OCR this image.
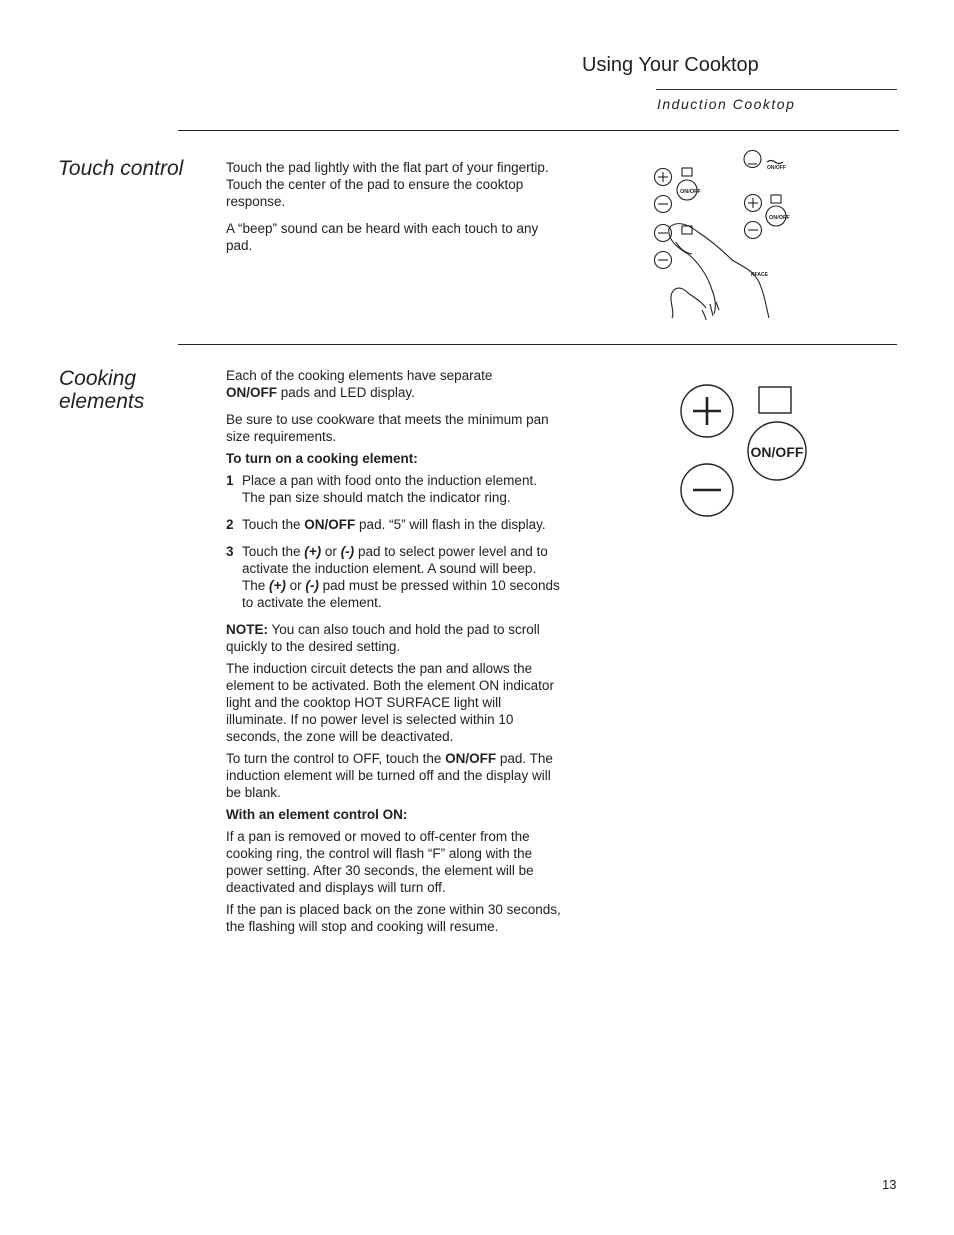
Using Your Cooktop
Induction Cooktop
Touch control	Touch the pad lightly with the flat part of your fingertip. Touch the center of the pad to ensure the cooktop response.

A “beep” sound can be heard with each touch to any pad.

ON/OFF
ON/OFF
ON/OFF
RFACE
Cooking elements

Each of the cooking elements have separate
ON/OFF pads and LED display.

Be sure to use cookware that meets the minimum pan size requirements.

To turn on a cooking element:

1 Place a pan with food onto the induction element. The pan size should match the indicator ring.

2 Touch the ON/OFF pad. “5” will flash in the display.

3 Touch the (+) or (-) pad to select power level and to activate the induction element. A sound will beep. The (+) or (-) pad must be pressed within 10 seconds to activate the element.

NOTE: You can also touch and hold the pad to scroll quickly to the desired setting.

The induction circuit detects the pan and allows the element to be activated. Both the element ON indicator light and the cooktop HOT SURFACE light will illuminate. If no power level is selected within 10 seconds, the zone will be deactivated.

To turn the control to OFF, touch the ON/OFF pad. The induction element will be turned off and the display will be blank.

With an element control ON:

If a pan is removed or moved to off-center from the cooking ring, the control will flash “F” along with the power setting. After 30 seconds, the element will be deactivated and displays will turn off.

If the pan is placed back on the zone within 30 seconds, the flashing will stop and cooking will resume.

ON/OFF
13
